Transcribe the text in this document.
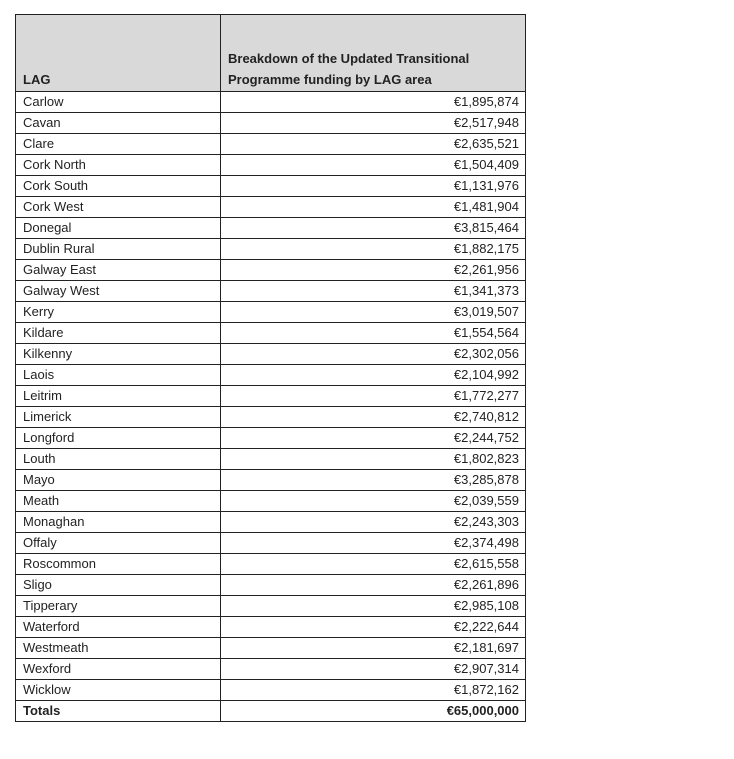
LAG	Breakdown of the Updated Transitional Programme funding by LAG area
Carlow	€1,895,874
Cavan	€2,517,948
Clare	€2,635,521
Cork North	€1,504,409
Cork South	€1,131,976
Cork West	€1,481,904
Donegal	€3,815,464
Dublin Rural	€1,882,175
Galway East	€2,261,956
Galway West	€1,341,373
Kerry	€3,019,507
Kildare	€1,554,564
Kilkenny	€2,302,056
Laois	€2,104,992
Leitrim	€1,772,277
Limerick	€2,740,812
Longford	€2,244,752
Louth	€1,802,823
Mayo	€3,285,878
Meath	€2,039,559
Monaghan	€2,243,303
Offaly	€2,374,498
Roscommon	€2,615,558
Sligo	€2,261,896
Tipperary	€2,985,108
Waterford	€2,222,644
Westmeath	€2,181,697
Wexford	€2,907,314
Wicklow	€1,872,162
Totals	€65,000,000
